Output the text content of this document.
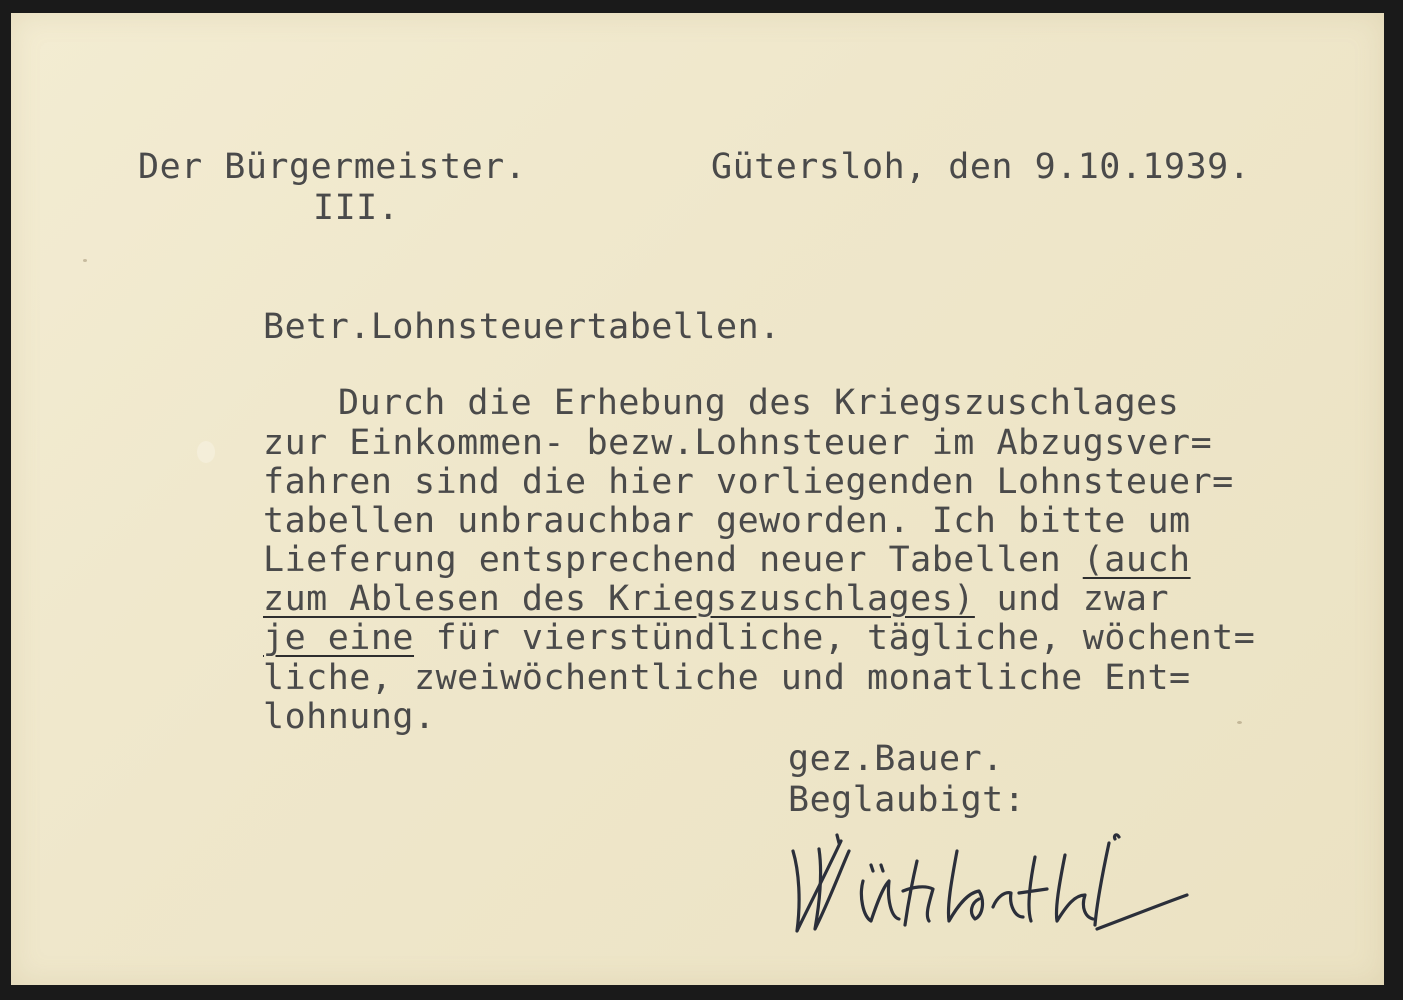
Der Bürgermeister.	Gütersloh, den 9.10.1939.
III.
Betr.Lohnsteuertabellen.
Durch die Erhebung des Kriegszuschlages
zur Einkommen- bezw.Lohnsteuer im Abzugsver=
fahren sind die hier vorliegenden Lohnsteuer=
tabellen unbrauchbar geworden. Ich bitte um
Lieferung entsprechend neuer Tabellen (auch
zum Ablesen des Kriegszuschlages) und zwar
je eine für vierstündliche, tägliche, wöchent=
liche, zweiwöchentliche und monatliche Ent=
lohnung.
gez.Bauer.
Beglaubigt:
